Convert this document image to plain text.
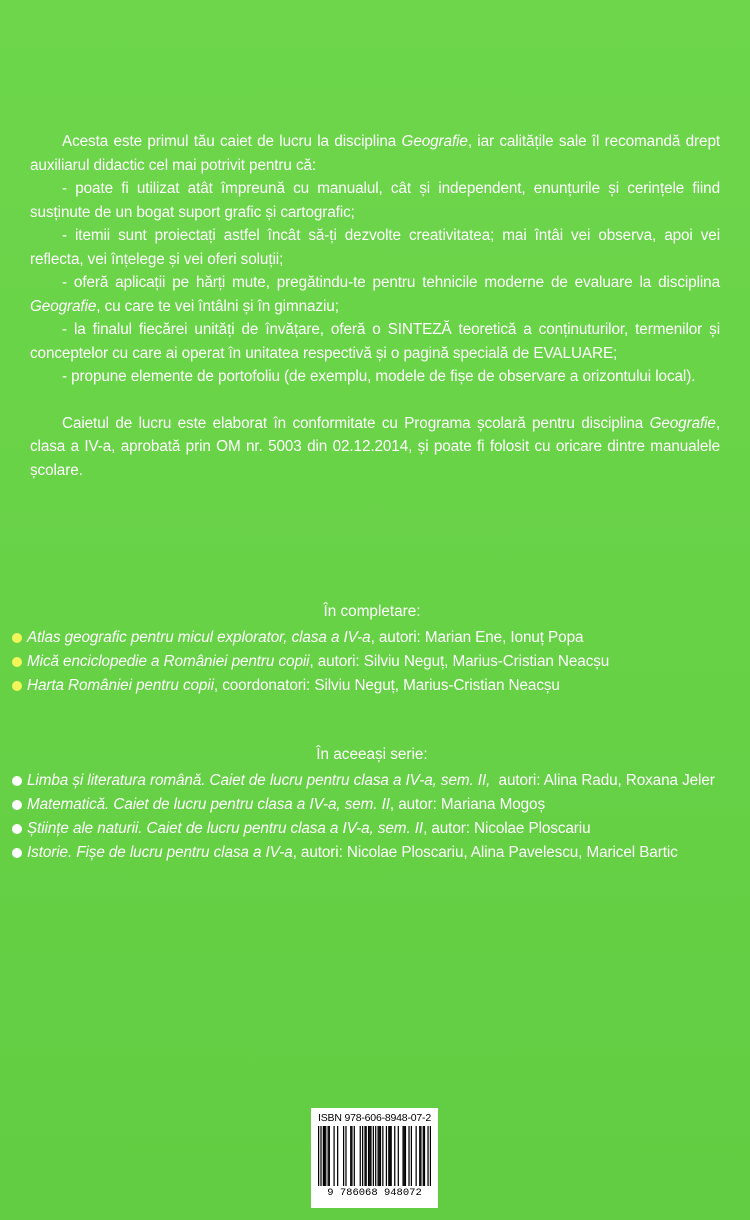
Acesta este primul tău caiet de lucru la disciplina Geografie, iar calitățile sale îl recomandă drept auxiliarul didactic cel mai potrivit pentru că:

- poate fi utilizat atât împreună cu manualul, cât și independent, enunțurile și cerințele fiind susținute de un bogat suport grafic și cartografic;

- itemii sunt proiectați astfel încât să-ți dezvolte creativitatea; mai întâi vei observa, apoi vei reflecta, vei înțelege și vei oferi soluții;

- oferă aplicații pe hărți mute, pregătindu-te pentru tehnicile moderne de evaluare la disciplina Geografie, cu care te vei întâlni și în gimnaziu;

- la finalul fiecărei unități de învățare, oferă o SINTEZĂ teoretică a conținuturilor, termenilor și conceptelor cu care ai operat în unitatea respectivă și o pagină specială de EVALUARE;

- propune elemente de portofoliu (de exemplu, modele de fișe de observare a orizontului local).

Caietul de lucru este elaborat în conformitate cu Programa școlară pentru disciplina Geografie, clasa a IV-a, aprobată prin OM nr. 5003 din 02.12.2014, și poate fi folosit cu oricare dintre manualele școlare.

În completare:
Atlas geografic pentru micul explorator, clasa a IV-a , autori: Marian Ene, Ionuț Popa
Mică enciclopedie a României pentru copii , autori: Silviu Neguț, Marius-Cristian Neacșu
Harta României pentru copii , coordonatori: Silviu Neguț, Marius-Cristian Neacșu
În aceeași serie:
Limba și literatura română. Caiet de lucru pentru clasa a IV-a, sem. II, autori: Alina Radu, Roxana Jeler
Matematică. Caiet de lucru pentru clasa a IV-a, sem. II , autor: Mariana Mogoș
Științe ale naturii. Caiet de lucru pentru clasa a IV-a, sem. II , autor: Nicolae Ploscariu
Istorie. Fișe de lucru pentru clasa a IV-a , autori: Nicolae Ploscariu, Alina Pavelescu, Maricel Bartic
ISBN 978-606-8948-07-2
9 786068 948072
